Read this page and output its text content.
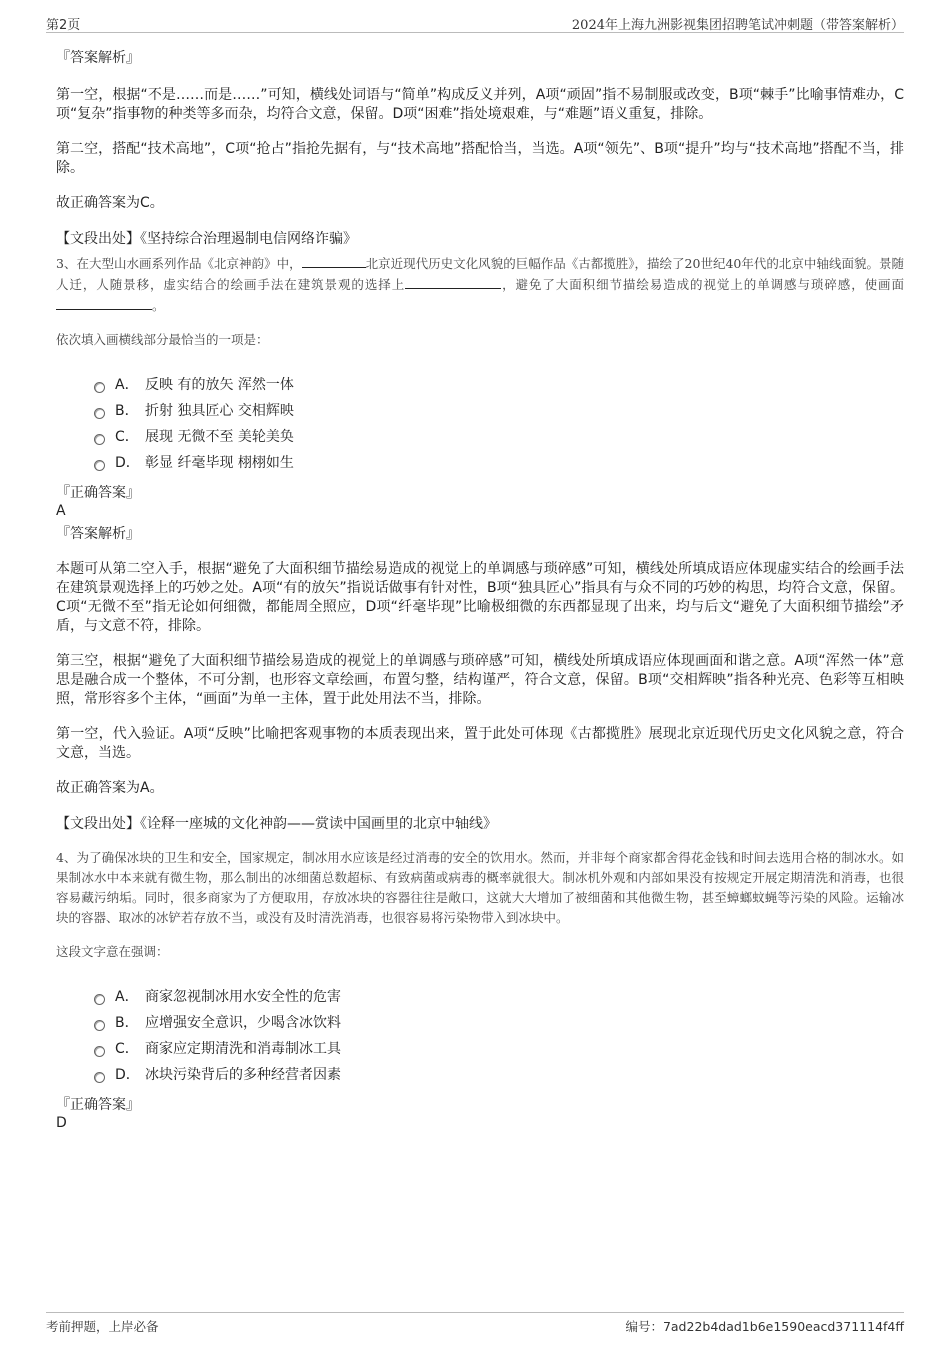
第2页	2024年上海九洲影视集团招聘笔试冲刺题（带答案解析）
『答案解析』

第一空，根据“不是……而是……”可知，横线处词语与“简单”构成反义并列，A项“顽固”指不易制服或改变，B项“棘手”比喻事情难办，C项“复杂”指事物的种类等多而杂，均符合文意，保留。D项“困难”指处境艰难，与“难题”语义重复，排除。

第二空，搭配“技术高地”，C项“抢占”指抢先据有，与“技术高地”搭配恰当，当选。A项“领先”、B项“提升”均与“技术高地”搭配不当，排除。

故正确答案为C。

【文段出处】《坚持综合治理遏制电信网络诈骗》

3、在大型山水画系列作品《北京神韵》中，	北京近现代历史文化风貌的巨幅作品《古都揽胜》，描绘了20世纪40年代的北京中轴线面貌。景随人迁，人随景移，虚实结合的绘画手法在建筑景观的选择上	，避免了大面积细节描绘易造成的视觉上的单调感与琐碎感，使画面。

依次填入画横线部分最恰当的一项是：

A． 反映 有的放矢 浑然一体
B． 折射 独具匠心 交相辉映
C． 展现 无微不至 美轮美奂
D． 彰显 纤毫毕现 栩栩如生

『正确答案』

A

『答案解析』

本题可从第二空入手，根据“避免了大面积细节描绘易造成的视觉上的单调感与琐碎感”可知，横线处所填成语应体现虚实结合的绘画手法在建筑景观选择上的巧妙之处。A项“有的放矢”指说话做事有针对性，B项“独具匠心”指具有与众不同的巧妙的构思，均符合文意，保留。C项“无微不至”指无论如何细微，都能周全照应，D项“纤毫毕现”比喻极细微的东西都显现了出来，均与后文“避免了大面积细节描绘”矛盾，与文意不符，排除。

第三空，根据“避免了大面积细节描绘易造成的视觉上的单调感与琐碎感”可知，横线处所填成语应体现画面和谐之意。A项“浑然一体”意思是融合成一个整体，不可分割，也形容文章绘画，布置匀整，结构谨严，符合文意，保留。B项“交相辉映”指各种光亮、色彩等互相映照，常形容多个主体，“画面”为单一主体，置于此处用法不当，排除。

第一空，代入验证。A项“反映”比喻把客观事物的本质表现出来，置于此处可体现《古都揽胜》展现北京近现代历史文化风貌之意，符合文意，当选。

故正确答案为A。

【文段出处】《诠释一座城的文化神韵——赏读中国画里的北京中轴线》

4、为了确保冰块的卫生和安全，国家规定，制冰用水应该是经过消毒的安全的饮用水。然而，并非每个商家都舍得花金钱和时间去选用合格的制冰水。如果制冰水中本来就有微生物，那么制出的冰细菌总数超标、有致病菌或病毒的概率就很大。制冰机外观和内部如果没有按规定开展定期清洗和消毒，也很容易藏污纳垢。同时，很多商家为了方便取用，存放冰块的容器往往是敞口，这就大大增加了被细菌和其他微生物，甚至蟑螂蚊蝇等污染的风险。运输冰块的容器、取冰的冰铲若存放不当，或没有及时清洗消毒，也很容易将污染物带入到冰块中。

这段文字意在强调：

A． 商家忽视制冰用水安全性的危害
B． 应增强安全意识，少喝含冰饮料
C． 商家应定期清洗和消毒制冰工具
D． 冰块污染背后的多种经营者因素

『正确答案』

D

考前押题，上岸必备	编号：7ad22b4dad1b6e1590eacd371114f4ff
